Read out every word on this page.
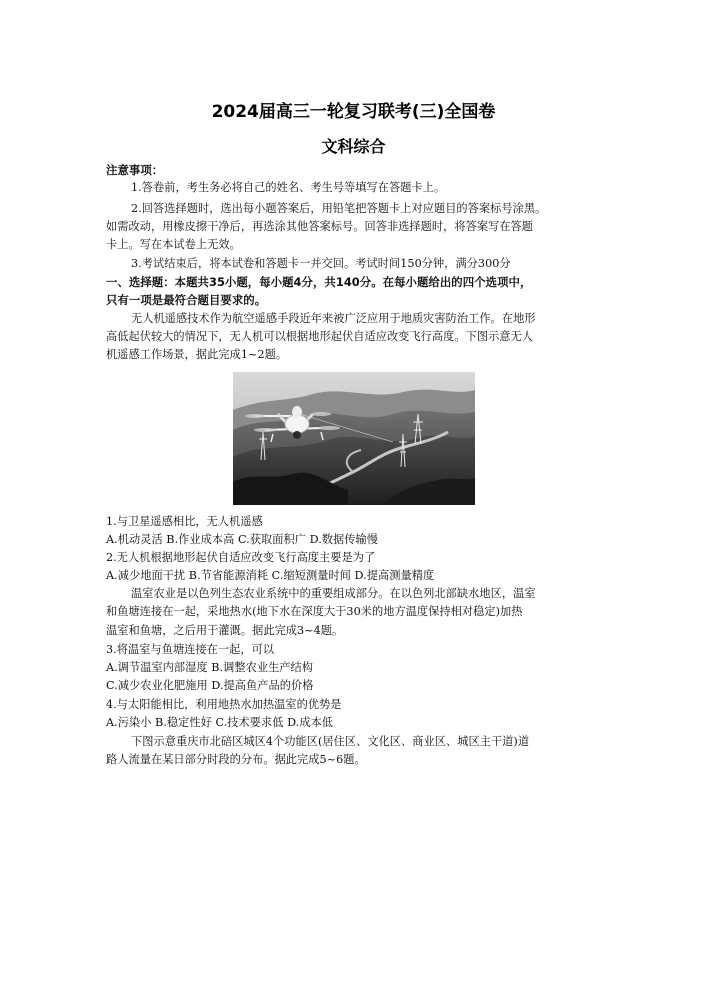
2024届高三一轮复习联考(三)全国卷
文科综合
注意事项：
1.答卷前，考生务必将自己的姓名、考生号等填写在答题卡上。
2.回答选择题时，选出每小题答案后，用铅笔把答题卡上对应题目的答案标号涂黑。
如需改动，用橡皮擦干净后，再选涂其他答案标号。回答非选择题时，将答案写在答题
卡上。写在本试卷上无效。
3.考试结束后，将本试卷和答题卡一并交回。考试时间150分钟，满分300分
一、选择题：本题共35小题，每小题4分，共140分。在每小题给出的四个选项中，
只有一项是最符合题目要求的。
无人机遥感技术作为航空遥感手段近年来被广泛应用于地质灾害防治工作。在地形
高低起伏较大的情况下，无人机可以根据地形起伏自适应改变飞行高度。下图示意无人
机遥感工作场景，据此完成1~2题。
1.与卫星遥感相比，无人机遥感
A.机动灵活 B.作业成本高 C.获取面积广 D.数据传输慢
2.无人机根据地形起伏自适应改变飞行高度主要是为了
A.减少地面干扰 B.节省能源消耗 C.缩短测量时间 D.提高测量精度
温室农业是以色列生态农业系统中的重要组成部分。在以色列北部缺水地区，温室
和鱼塘连接在一起，采地热水(地下水在深度大于30米的地方温度保持相对稳定)加热
温室和鱼塘，之后用于灌溉。据此完成3~4题。
3.将温室与鱼塘连接在一起，可以
A.调节温室内部湿度 B.调整农业生产结构
C.减少农业化肥施用 D.提高鱼产品的价格
4.与太阳能相比，利用地热水加热温室的优势是
A.污染小 B.稳定性好 C.技术要求低 D.成本低
下图示意重庆市北碚区城区4个功能区(居住区、文化区、商业区、城区主干道)道
路人流量在某日部分时段的分布。据此完成5~6题。
